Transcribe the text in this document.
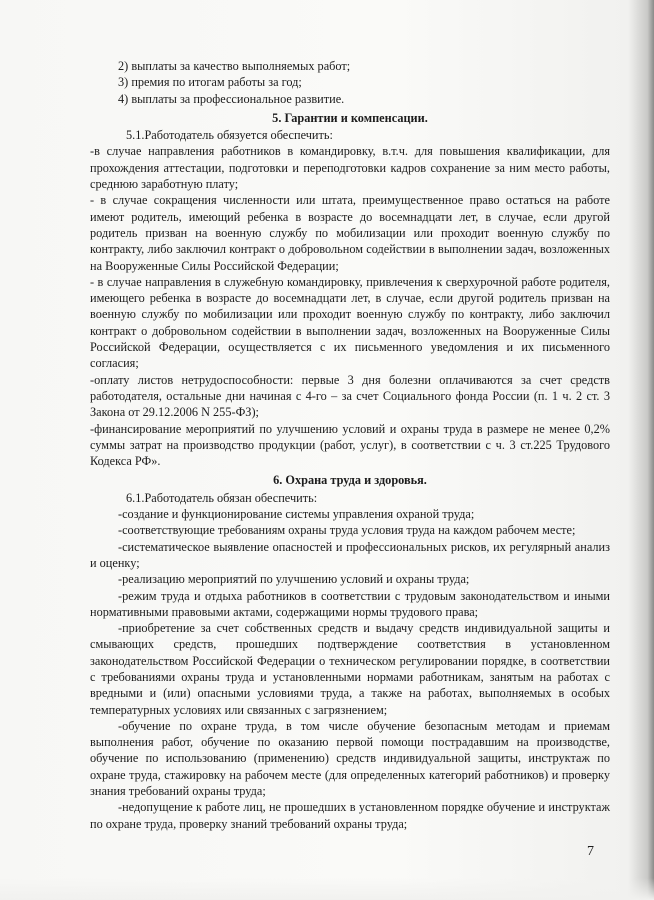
2) выплаты за качество выполняемых работ;

3) премия по итогам работы за год;

4) выплаты за профессиональное развитие.

5. Гарантии и компенсации.

5.1.Работодатель обязуется обеспечить:

-в случае направления работников в командировку, в.т.ч. для повышения квалификации, для прохождения аттестации, подготовки и переподготовки кадров сохранение за ним место работы, среднюю заработную плату;

- в случае сокращения численности или штата, преимущественное право остаться на работе имеют родитель, имеющий ребенка в возрасте до восемнадцати лет, в случае, если другой родитель призван на военную службу по мобилизации или проходит военную службу по контракту, либо заключил контракт о добровольном содействии в выполнении задач, возложенных на Вооруженные Силы Российской Федерации;

- в случае направления в служебную командировку, привлечения к сверхурочной работе родителя, имеющего ребенка в возрасте до восемнадцати лет, в случае, если другой родитель призван на военную службу по мобилизации или проходит военную службу по контракту, либо заключил контракт о добровольном содействии в выполнении задач, возложенных на Вооруженные Силы Российской Федерации, осуществляется с их письменного уведомления и их письменного согласия;

-оплату листов нетрудоспособности: первые 3 дня болезни оплачиваются за счет средств работодателя, остальные дни начиная с 4-го – за счет Социального фонда России (п. 1 ч. 2 ст. 3 Закона от 29.12.2006 N 255-ФЗ);

-финансирование мероприятий по улучшению условий и охраны труда в размере не менее 0,2% суммы затрат на производство продукции (работ, услуг), в соответствии с ч. 3 ст.225 Трудового Кодекса РФ».

6. Охрана труда и здоровья.

6.1.Работодатель обязан обеспечить:

-создание и функционирование системы управления охраной труда;

-соответствующие требованиям охраны труда условия труда на каждом рабочем месте;

-систематическое выявление опасностей и профессиональных рисков, их регулярный анализ и оценку;

-реализацию мероприятий по улучшению условий и охраны труда;

-режим труда и отдыха работников в соответствии с трудовым законодательством и иными нормативными правовыми актами, содержащими нормы трудового права;

-приобретение за счет собственных средств и выдачу средств индивидуальной защиты и смывающих средств, прошедших подтверждение соответствия в установленном законодательством Российской Федерации о техническом регулировании порядке, в соответствии с требованиями охраны труда и установленными нормами работникам, занятым на работах с вредными и (или) опасными условиями труда, а также на работах, выполняемых в особых температурных условиях или связанных с загрязнением;

-обучение по охране труда, в том числе обучение безопасным методам и приемам выполнения работ, обучение по оказанию первой помощи пострадавшим на производстве, обучение по использованию (применению) средств индивидуальной защиты, инструктаж по охране труда, стажировку на рабочем месте (для определенных категорий работников) и проверку знания требований охраны труда;

-недопущение к работе лиц, не прошедших в установленном порядке обучение и инструктаж по охране труда, проверку знаний требований охраны труда;

7
